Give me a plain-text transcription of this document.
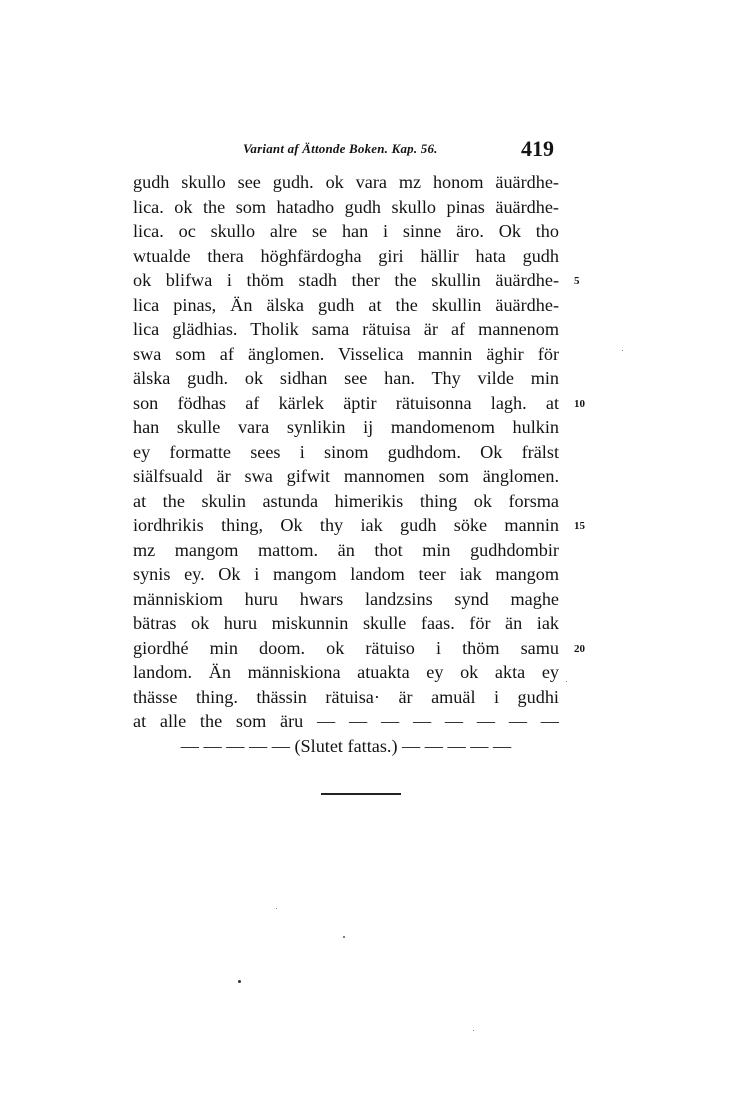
Variant af Ättonde Boken. Kap. 56.	419
gudh skullo see gudh. ok vara mz honom äuärdhe-
lica. ok the som hatadho gudh skullo pinas äuärdhe-
lica. oc skullo alre se han i sinne äro. Ok tho
wtualde thera höghfärdogha giri hällir hata gudh
ok blifwa i thöm stadh ther the skullin äuärdhe- 5
lica pinas, Än älska gudh at the skullin äuärdhe-
lica glädhias. Tholik sama rätuisa är af mannenom
swa som af änglomen. Visselica mannin äghir för
älska gudh. ok sidhan see han. Thy vilde min
son födhas af kärlek äptir rätuisonna lagh. at 10
han skulle vara synlikin ij mandomenom hulkin
ey formatte sees i sinom gudhdom. Ok frälst
siälfsuald är swa gifwit mannomen som änglomen.
at the skulin astunda himerikis thing ok forsma
iordhrikis thing, Ok thy iak gudh söke mannin 15
mz mangom mattom. än thot min gudhdombir
synis ey. Ok i mangom landom teer iak mangom
människiom huru hwars landzsins synd maghe
bätras ok huru miskunnin skulle faas. för än iak
giordhé min doom. ok rätuiso i thöm samu 20
landom. Än människiona atuakta ey ok akta ey
thässe thing. thässin rätuisa· är amuäl i gudhi
at alle the som äru — — — — — — — —
— — — — — (Slutet fattas.) — — — — —
